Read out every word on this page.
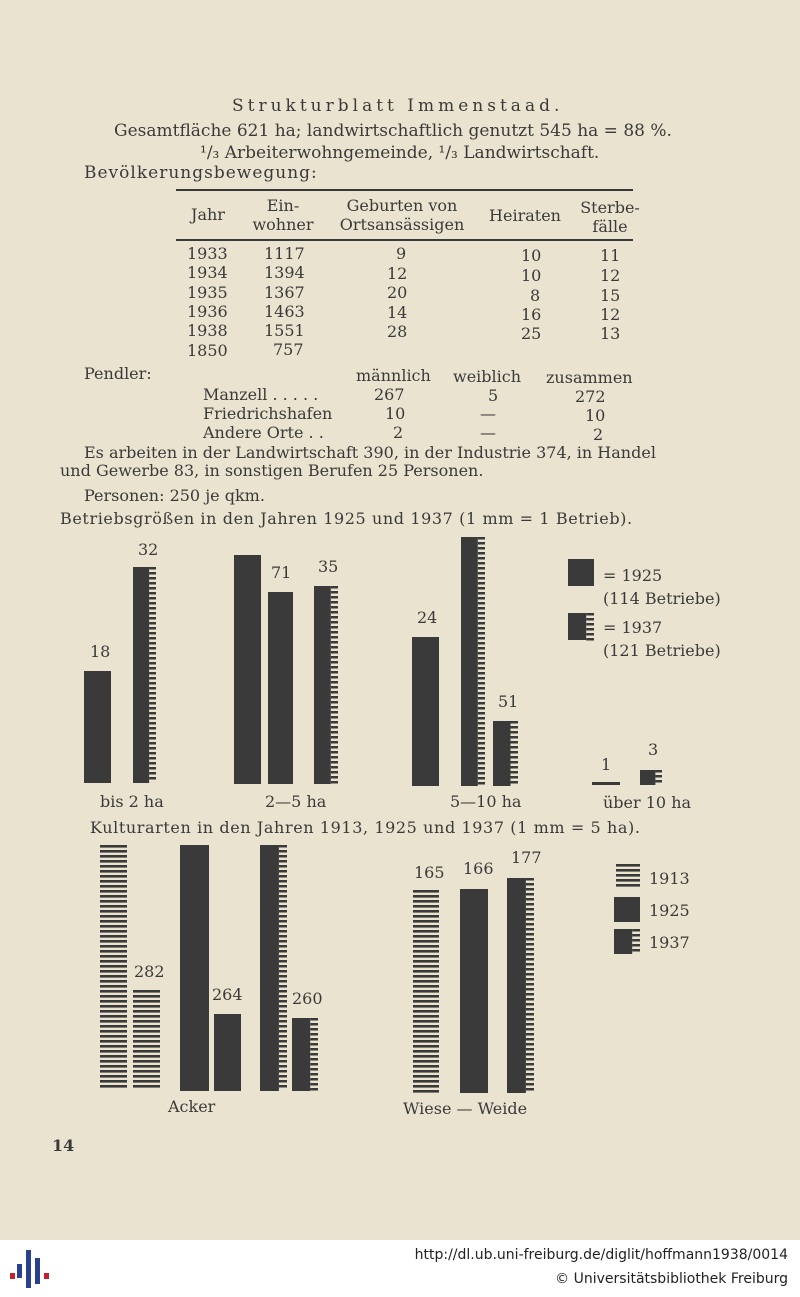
Strukturblatt Immenstaad.
Gesamtfläche 621 ha; landwirtschaftlich genutzt 545 ha = 88 %.
¹/₃ Arbeiterwohngemeinde, ¹/₃ Landwirtschaft.
Bevölkerungsbewegung:
Jahr	Ein-
wohner
Geburten von
Ortsansässigen	Heiraten	Sterbe-
fälle
1933 1117	9	10	11
1934 1394	12	10	12
1935 1367	20	8	15
1936 1463	14	16	12
1938 1551	28	25	13
1850	757
Pendler:	männlich weiblich zusammen
Manzell . . . . .	267	5	272
Friedrichshafen	10	—	10
Andere Orte . .	2	—	2
Es arbeiten in der Landwirtschaft 390, in der Industrie 374, in Handel
und Gewerbe 83, in sonstigen Berufen 25 Personen.
Personen: 250 je qkm.
Betriebsgrößen in den Jahren 1925 und 1937 (1 mm = 1 Betrieb).
18
32
71 35
24
51
1
3
bis 2 ha	2—5 ha	5—10 ha	über 10 ha
= 1925
(114 Betriebe)
= 1937
(121 Betriebe)
Kulturarten in den Jahren 1913, 1925 und 1937 (1 mm = 5 ha).
282
264	260
165 166
177
Acker	Wiese — Weide
1913
1925
1937
14
http://dl.ub.uni-freiburg.de/diglit/hoffmann1938/0014
© Universitätsbibliothek Freiburg
